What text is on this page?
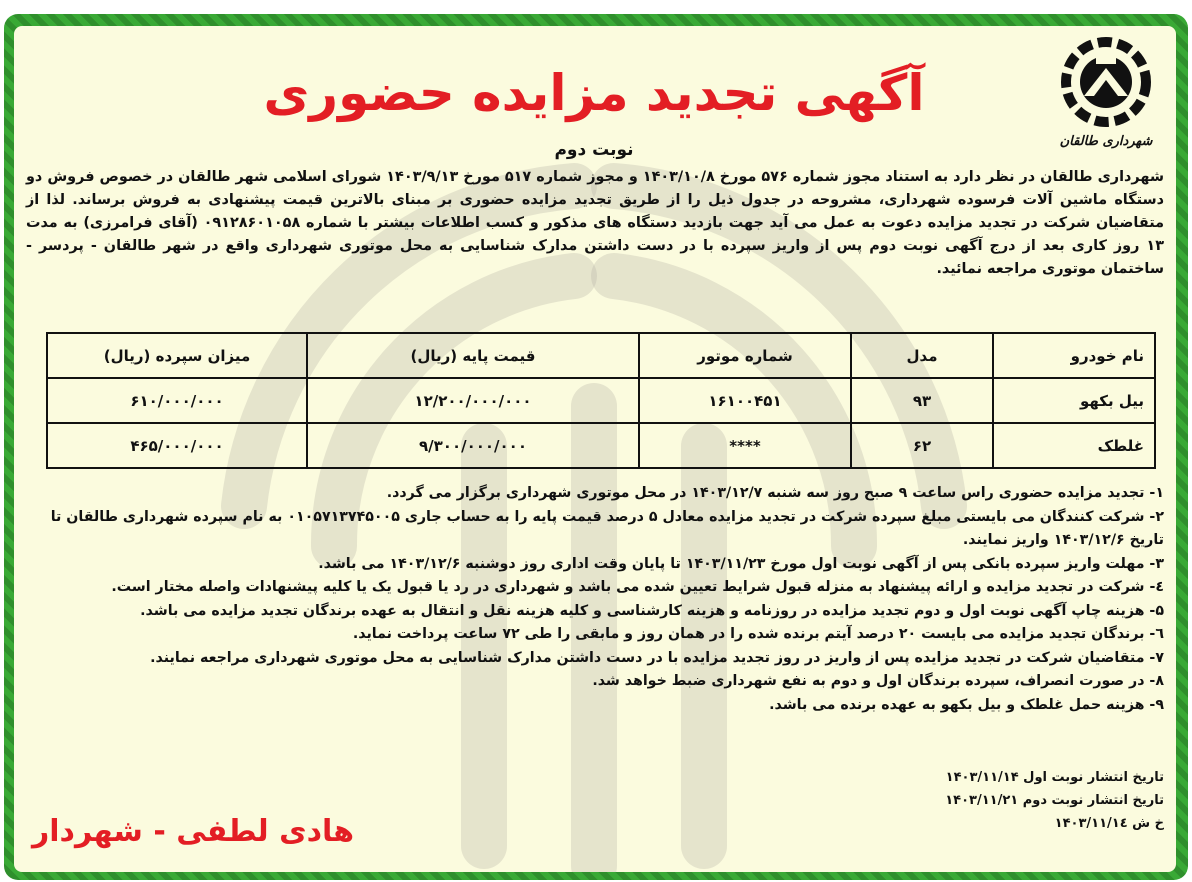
شهرداری طالقان
آگهی تجدید مزایده حضوری
نوبت دوم

شهرداری طالقان در نظر دارد به استناد مجوز شماره ۵۷۶ مورخ ۱۴۰۳/۱۰/۸ و مجوز شماره ۵۱۷ مورخ ۱۴۰۳/۹/۱۳ شورای اسلامی شهر طالقان در خصوص فروش دو دستگاه ماشین آلات فرسوده شهرداری، مشروحه در جدول ذیل را از طریق تجدید مزایده حضوری بر مبنای بالاترین قیمت پیشنهادی به فروش برساند. لذا از متقاضیان شرکت در تجدید مزایده دعوت به عمل می آید جهت بازدید دستگاه های مذکور و کسب اطلاعات بیشتر با شماره ۰۹۱۲۸۶۰۱۰۵۸ (آقای فرامرزی) به مدت ۱۳ روز کاری بعد از درج آگهی نوبت دوم پس از واریز سپرده با در دست داشتن مدارک شناسایی به محل موتوری شهرداری واقع در شهر طالقان - پردسر - ساختمان موتوری مراجعه نمائید.

نام خودرو	مدل	شماره موتور	قیمت پایه (ریال)	میزان سپرده (ریال)
بیل بکهو	۹۳	۱۶۱۰۰۴۵۱	۱۲/۲۰۰/۰۰۰/۰۰۰	۶۱۰/۰۰۰/۰۰۰
غلطک	۶۲	****	۹/۳۰۰/۰۰۰/۰۰۰	۴۶۵/۰۰۰/۰۰۰
۱- تجدید مزایده حضوری راس ساعت ۹ صبح روز سه شنبه ۱۴۰۳/۱۲/۷ در محل موتوری شهرداری برگزار می گردد.
۲- شرکت کنندگان می بایستی مبلغ سپرده شرکت در تجدید مزایده معادل ۵ درصد قیمت پایه را به حساب جاری ۰۱۰۵۷۱۳۷۴۵۰۰۵ به نام سپرده شهرداری طالقان تا تاریخ ۱۴۰۳/۱۲/۶ واریز نمایند.
۳- مهلت واریز سپرده بانکی پس از آگهی نوبت اول مورخ ۱۴۰۳/۱۱/۲۳ تا پایان وقت اداری روز دوشنبه ۱۴۰۳/۱۲/۶ می باشد.
٤- شرکت در تجدید مزایده و ارائه پیشنهاد به منزله قبول شرایط تعیین شده می باشد و شهرداری در رد یا قبول یک یا کلیه پیشنهادات واصله مختار است.
۵- هزینه چاپ آگهی نوبت اول و دوم تجدید مزایده در روزنامه و هزینه کارشناسی و کلیه هزینه نقل و انتقال به عهده برندگان تجدید مزایده می باشد.
٦- برندگان تجدید مزایده می بایست ۲۰ درصد آیتم برنده شده را در همان روز و مابقی را طی ۷۲ ساعت پرداخت نماید.
۷- متقاضیان شرکت در تجدید مزایده پس از واریز در روز تجدید مزایده با در دست داشتن مدارک شناسایی به محل موتوری شهرداری مراجعه نمایند.
۸- در صورت انصراف، سپرده برندگان اول و دوم به نفع شهرداری ضبط خواهد شد.
۹- هزینه حمل غلطک و بیل بکهو به عهده برنده می باشد.
تاریخ انتشار نوبت اول ۱۴۰۳/۱۱/۱۴
تاریخ انتشار نوبت دوم ۱۴۰۳/۱۱/۲۱
خ ش ۱۴۰۳/۱۱/۱٤
هادی لطفی - شهردار
